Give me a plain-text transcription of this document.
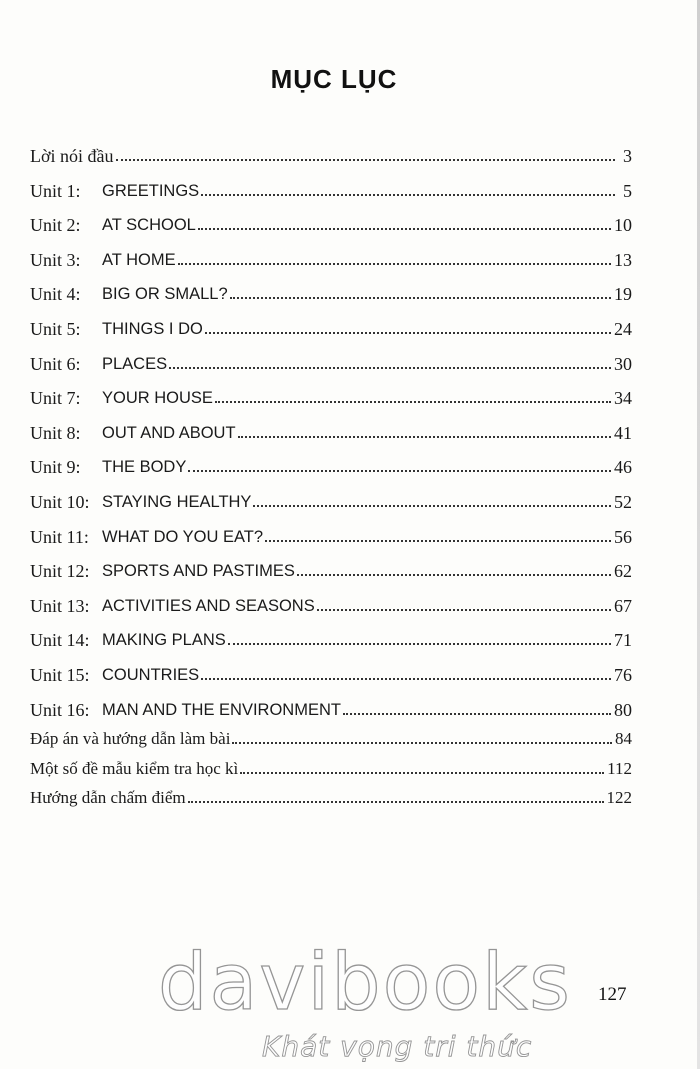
MỤC LỤC
Lời nói đầu	3
Unit 1:	GREETINGS	5
Unit 2:	AT SCHOOL	10
Unit 3:	AT HOME	13
Unit 4:	BIG OR SMALL?	19
Unit 5:	THINGS I DO	24
Unit 6:	PLACES	30
Unit 7:	YOUR HOUSE	34
Unit 8:	OUT AND ABOUT	41
Unit 9:	THE BODY	46
Unit 10: STAYING HEALTHY	52
Unit 11: WHAT DO YOU EAT?	56
Unit 12: SPORTS AND PASTIMES	62
Unit 13: ACTIVITIES AND SEASONS	67
Unit 14: MAKING PLANS	71
Unit 15: COUNTRIES	76
Unit 16: MAN AND THE ENVIRONMENT	80
Đáp án và hướng dẫn làm bài	84
Một số đề mẫu kiểm tra học kì	112
Hướng dẫn chấm điểm	122
davibooks
Khát vọng tri thức
127
